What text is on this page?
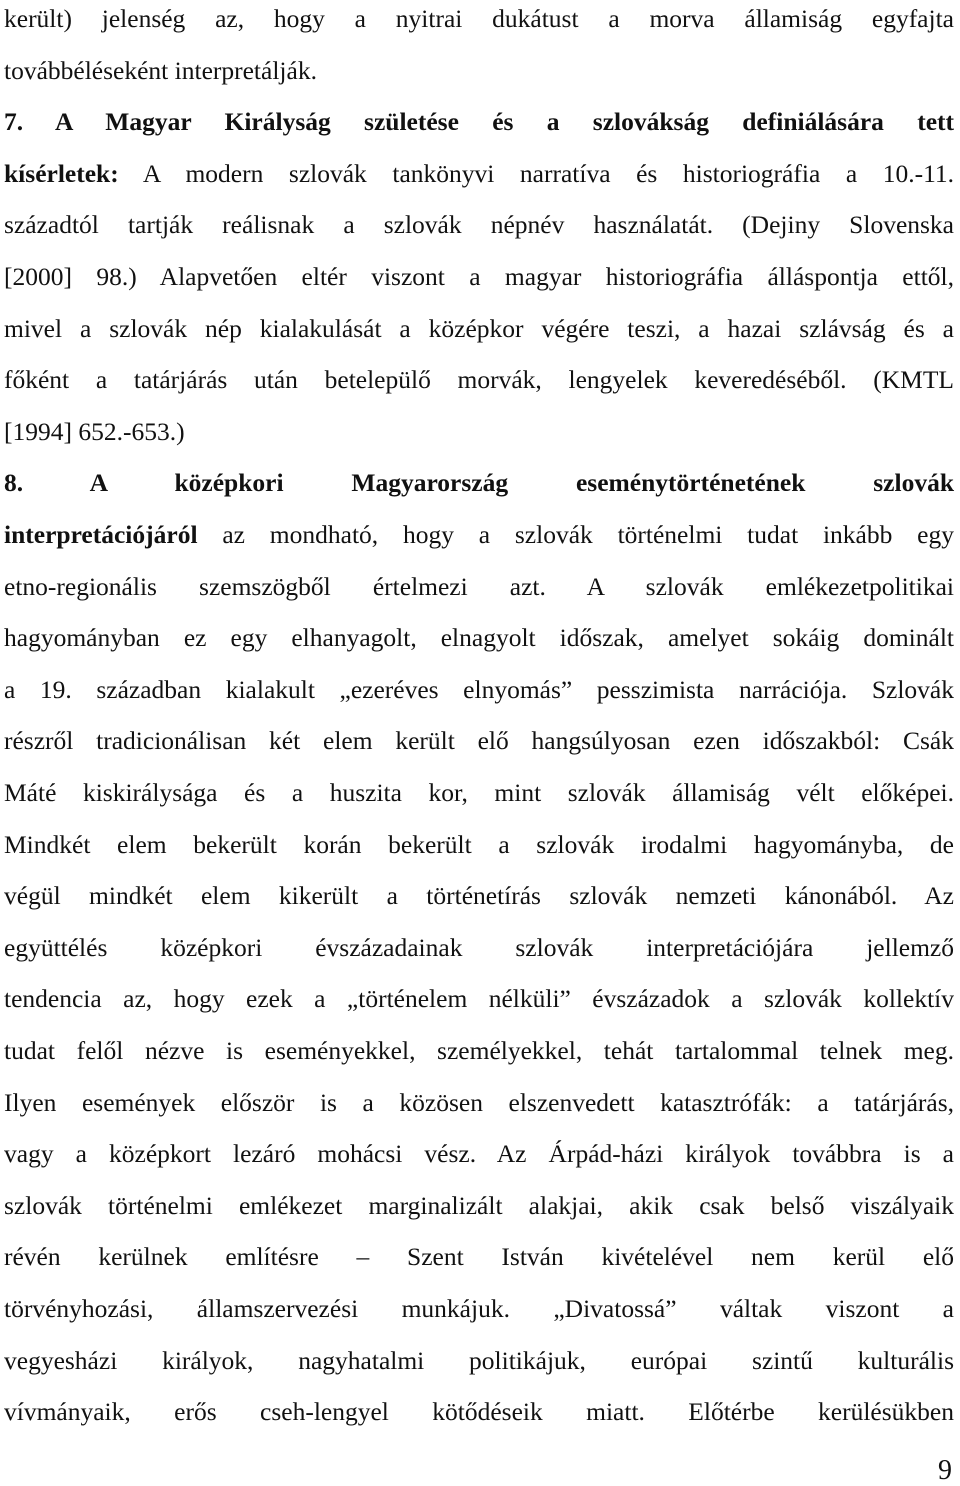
került) jelenség az, hogy a nyitrai dukátust a morva államiság egyfajta
továbbéléseként interpretálják.
7. A Magyar Királyság születése és a szlovákság definiálására tett
kísérletek: A modern szlovák tankönyvi narratíva és historiográfia a 10.-11.
századtól tartják reálisnak a szlovák népnév használatát. (Dejiny Slovenska
[2000] 98.) Alapvetően eltér viszont a magyar historiográfia álláspontja ettől,
mivel a szlovák nép kialakulását a középkor végére teszi, a hazai szlávság és a
főként a tatárjárás után betelepülő morvák, lengyelek keveredéséből. (KMTL
[1994] 652.-653.)
8. A középkori Magyarország eseménytörténetének szlovák
interpretációjáról az mondható, hogy a szlovák történelmi tudat inkább egy
etno-regionális szemszögből értelmezi azt. A szlovák emlékezetpolitikai
hagyományban ez egy elhanyagolt, elnagyolt időszak, amelyet sokáig dominált
a 19. században kialakult „ezeréves elnyomás” pesszimista narrációja. Szlovák
részről tradicionálisan két elem került elő hangsúlyosan ezen időszakból: Csák
Máté kiskirálysága és a huszita kor, mint szlovák államiság vélt előképei.
Mindkét elem bekerült korán bekerült a szlovák irodalmi hagyományba, de
végül mindkét elem kikerült a történetírás szlovák nemzeti kánonából. Az
együttélés középkori évszázadainak szlovák interpretációjára jellemző
tendencia az, hogy ezek a „történelem nélküli” évszázadok a szlovák kollektív
tudat felől nézve is eseményekkel, személyekkel, tehát tartalommal telnek meg.
Ilyen események először is a közösen elszenvedett katasztrófák: a tatárjárás,
vagy a középkort lezáró mohácsi vész. Az Árpád-házi királyok továbbra is a
szlovák történelmi emlékezet marginalizált alakjai, akik csak belső viszályaik
révén kerülnek említésre – Szent István kivételével nem kerül elő
törvényhozási, államszervezési munkájuk. „Divatossá” váltak viszont a
vegyesházi királyok, nagyhatalmi politikájuk, európai szintű kulturális
vívmányaik, erős cseh-lengyel kötődéseik miatt. Előtérbe kerülésükben
9
